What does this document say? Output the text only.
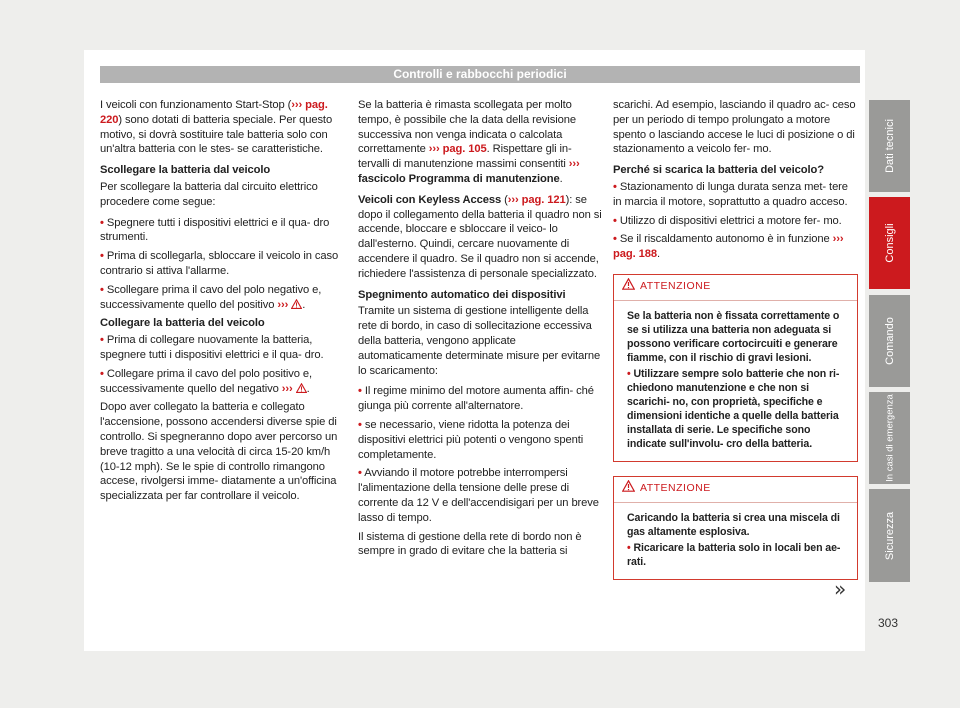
Controlli e rabbocchi periodici

I veicoli con funzionamento Start-Stop (››› pag. 220) sono dotati di batteria speciale. Per questo motivo, si dovrà sostituire tale batteria solo con un'altra batteria con le stes- se caratteristiche.

Scollegare la batteria dal veicolo

Per scollegare la batteria dal circuito elettrico procedere come segue:

• Spegnere tutti i dispositivi elettrici e il qua- dro strumenti.

• Prima di scollegarla, sbloccare il veicolo in caso contrario si attiva l'allarme.

• Scollegare prima il cavo del polo negativo e, successivamente quello del positivo ››› .

Collegare la batteria del veicolo

• Prima di collegare nuovamente la batteria, spegnere tutti i dispositivi elettrici e il qua- dro.

• Collegare prima il cavo del polo positivo e, successivamente quello del negativo ››› .

Dopo aver collegato la batteria e collegato l'accensione, possono accendersi diverse spie di controllo. Si spegneranno dopo aver percorso un breve tragitto a una velocità di circa 15-20 km/h (10-12 mph). Se le spie di controllo rimangono accese, rivolgersi imme- diatamente a un'officina specializzata per far controllare il veicolo.

Se la batteria è rimasta scollegata per molto tempo, è possibile che la data della revisione successiva non venga indicata o calcolata correttamente ››› pag. 105. Rispettare gli in- tervalli di manutenzione massimi consentiti ››› fascicolo Programma di manutenzione.

Veicoli con Keyless Access (››› pag. 121): se dopo il collegamento della batteria il quadro non si accende, bloccare e sbloccare il veico- lo dall'esterno. Quindi, cercare nuovamente di accendere il quadro. Se il quadro non si accende, richiedere l'assistenza di personale specializzato.

Spegnimento automatico dei dispositivi

Tramite un sistema di gestione intelligente della rete di bordo, in caso di sollecitazione eccessiva della batteria, vengono applicate automaticamente determinate misure per evitarne lo scaricamento:

• Il regime minimo del motore aumenta affin- ché giunga più corrente all'alternatore.

• se necessario, viene ridotta la potenza dei dispositivi elettrici più potenti o vengono spenti completamente.

• Avviando il motore potrebbe interrompersi l'alimentazione della tensione delle prese di corrente da 12 V e dell'accendisigari per un breve lasso di tempo.

Il sistema di gestione della rete di bordo non è sempre in grado di evitare che la batteria si

scarichi. Ad esempio, lasciando il quadro ac- ceso per un periodo di tempo prolungato a motore spento o lasciando accese le luci di posizione o di stazionamento a veicolo fer- mo.

Perché si scarica la batteria del veicolo?

• Stazionamento di lunga durata senza met- tere in marcia il motore, soprattutto a quadro acceso.

• Utilizzo di dispositivi elettrici a motore fer- mo.

• Se il riscaldamento autonomo è in funzione ››› pag. 188.

ATTENZIONE

Se la batteria non è fissata correttamente o se si utilizza una batteria non adeguata si possono verificare cortocircuiti e generare fiamme, con il rischio di gravi lesioni.

• Utilizzare sempre solo batterie che non ri- chiedono manutenzione e che non si scarichi- no, con proprietà, specifiche e dimensioni identiche a quelle della batteria installata di serie. Le specifiche sono indicate sull'involu- cro della batteria.

ATTENZIONE

Caricando la batteria si crea una miscela di gas altamente esplosiva.

• Ricaricare la batteria solo in locali ben ae- rati.

»
Dati tecnici
Consigli
Comando
In casi di emergenza
Sicurezza
303
